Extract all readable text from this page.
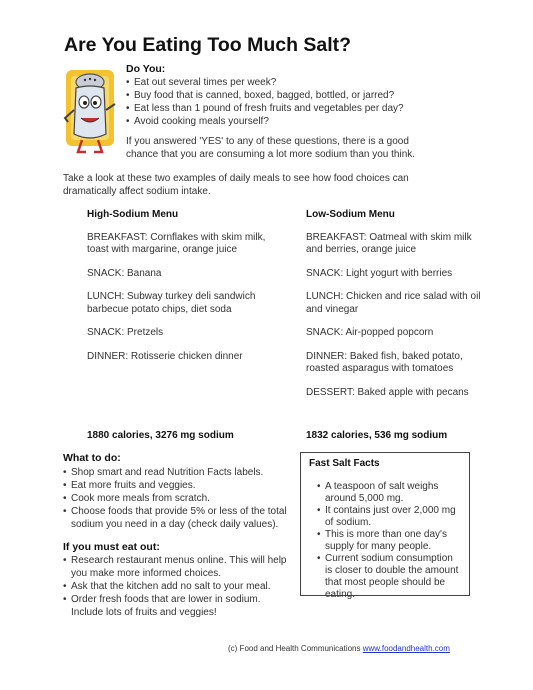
Are You Eating Too Much Salt?
Do You:
• Eat out several times per week?
• Buy food that is canned, boxed, bagged, bottled, or jarred?
• Eat less than 1 pound of fresh fruits and vegetables per day?
• Avoid cooking meals yourself?
If you answered 'YES' to any of these questions, there is a good chance that you are consuming a lot more sodium than you think.
Take a look at these two examples of daily meals to see how food choices can dramatically affect sodium intake.
High-Sodium Menu
BREAKFAST: Cornflakes with skim milk, toast with margarine, orange juice
SNACK: Banana
LUNCH: Subway turkey deli sandwich barbecue potato chips, diet soda
SNACK: Pretzels
DINNER: Rotisserie chicken dinner
1880 calories, 3276 mg sodium
Low-Sodium Menu
BREAKFAST: Oatmeal with skim milk and berries, orange juice
SNACK: Light yogurt with berries
LUNCH: Chicken and rice salad with oil and vinegar
SNACK: Air-popped popcorn
DINNER: Baked fish, baked potato, roasted asparagus with tomatoes
DESSERT: Baked apple with pecans
1832 calories, 536 mg sodium
What to do:
• Shop smart and read Nutrition Facts labels.
• Eat more fruits and veggies.
• Cook more meals from scratch.
• Choose foods that provide 5% or less of the total sodium you need in a day (check daily values).
If you must eat out:
• Research restaurant menus online. This will help you make more informed choices.
• Ask that the kitchen add no salt to your meal.
• Order fresh foods that are lower in sodium. Include lots of fruits and veggies!
Fast Salt Facts
• A teaspoon of salt weighs around 5,000 mg.
• It contains just over 2,000 mg of sodium.
• This is more than one day's supply for many people.
• Current sodium consumption is closer to double the amount that most people should be eating.
(c) Food and Health Communications www.foodandhealth.com
